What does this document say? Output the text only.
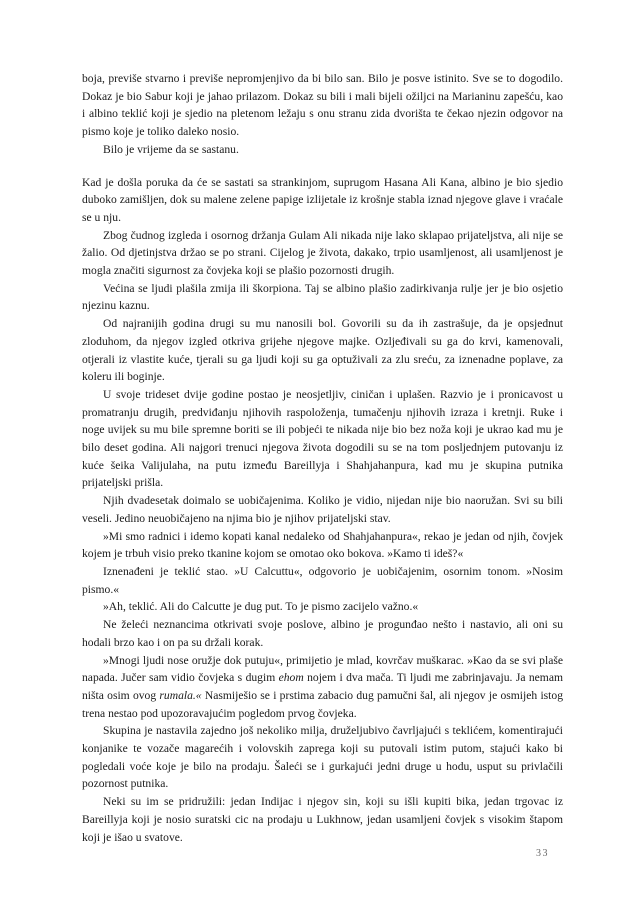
boja, previše stvarno i previše nepromjenjivo da bi bilo san. Bilo je posve istinito. Sve se to dogodilo. Dokaz je bio Sabur koji je jahao prilazom. Dokaz su bili i mali bijeli ožiljci na Marianinu zapešću, kao i albino teklić koji je sjedio na pletenom ležaju s onu stranu zida dvorišta te čekao njezin odgovor na pismo koje je toliko daleko nosio.

Bilo je vrijeme da se sastanu.

Kad je došla poruka da će se sastati sa strankinjom, suprugom Hasana Ali Kana, albino je bio sjedio duboko zamišljen, dok su malene zelene papige izlijetale iz krošnje stabla iznad njegove glave i vraćale se u nju.

Zbog čudnog izgleda i osornog držanja Gulam Ali nikada nije lako sklapao prijateljstva, ali nije se žalio. Od djetinjstva držao se po strani. Cijelog je života, dakako, trpio usamljenost, ali usamljenost je mogla značiti sigurnost za čovjeka koji se plašio pozornosti drugih.

Većina se ljudi plašila zmija ili škorpiona. Taj se albino plašio zadirkivanja rulje jer je bio osjetio njezinu kaznu.

Od najranijih godina drugi su mu nanosili bol. Govorili su da ih zastrašuje, da je opsjednut zloduhom, da njegov izgled otkriva grijehe njegove majke. Ozljeđivali su ga do krvi, kamenovali, otjerali iz vlastite kuće, tjerali su ga ljudi koji su ga optuživali za zlu sreću, za iznenadne poplave, za koleru ili boginje.

U svoje trideset dvije godine postao je neosjetljiv, ciničan i uplašen. Razvio je i pronicavost u promatranju drugih, predviđanju njihovih raspoloženja, tumačenju njihovih izraza i kretnji. Ruke i noge uvijek su mu bile spremne boriti se ili pobjeći te nikada nije bio bez noža koji je ukrao kad mu je bilo deset godina. Ali najgori trenuci njegova života dogodili su se na tom posljednjem putovanju iz kuće šeika Valijulaha, na putu između Bareillyja i Shahjahanpura, kad mu je skupina putnika prijateljski prišla.

Njih dvadesetak doimalo se uobičajenima. Koliko je vidio, nijedan nije bio naoružan. Svi su bili veseli. Jedino neuobičajeno na njima bio je njihov prijateljski stav.

»Mi smo radnici i idemo kopati kanal nedaleko od Shahjahanpura«, rekao je jedan od njih, čovjek kojem je trbuh visio preko tkanine kojom se omotao oko bokova. »Kamo ti ideš?«

Iznenađeni je teklić stao. »U Calcuttu«, odgovorio je uobičajenim, osornim tonom. »Nosim pismo.«

»Ah, teklić. Ali do Calcutte je dug put. To je pismo zacijelo važno.«

Ne želeći neznancima otkrivati svoje poslove, albino je progunđao nešto i nastavio, ali oni su hodali brzo kao i on pa su držali korak.

»Mnogi ljudi nose oružje dok putuju«, primijetio je mlad, kovrčav muškarac. »Kao da se svi plaše napada. Jučer sam vidio čovjeka s dugim ehom nojem i dva mača. Ti ljudi me zabrinjavaju. Ja nemam ništa osim ovog rumala.« Nasmiješio se i prstima zabacio dug pamučni šal, ali njegov je osmijeh istog trena nestao pod upozoravajućim pogledom prvog čovjeka.

Skupina je nastavila zajedno još nekoliko milja, druželjubivo čavrljajući s teklićem, komentirajući konjanike te vozače magarećih i volovskih zaprega koji su putovali istim putom, stajući kako bi pogledali voće koje je bilo na prodaju. Šaleći se i gurkajući jedni druge u hodu, usput su privlačili pozornost putnika.

Neki su im se pridružili: jedan Indijac i njegov sin, koji su išli kupiti bika, jedan trgovac iz Bareillyja koji je nosio suratski cic na prodaju u Lukhnow, jedan usamljeni čovjek s visokim štapom koji je išao u svatove.

33
